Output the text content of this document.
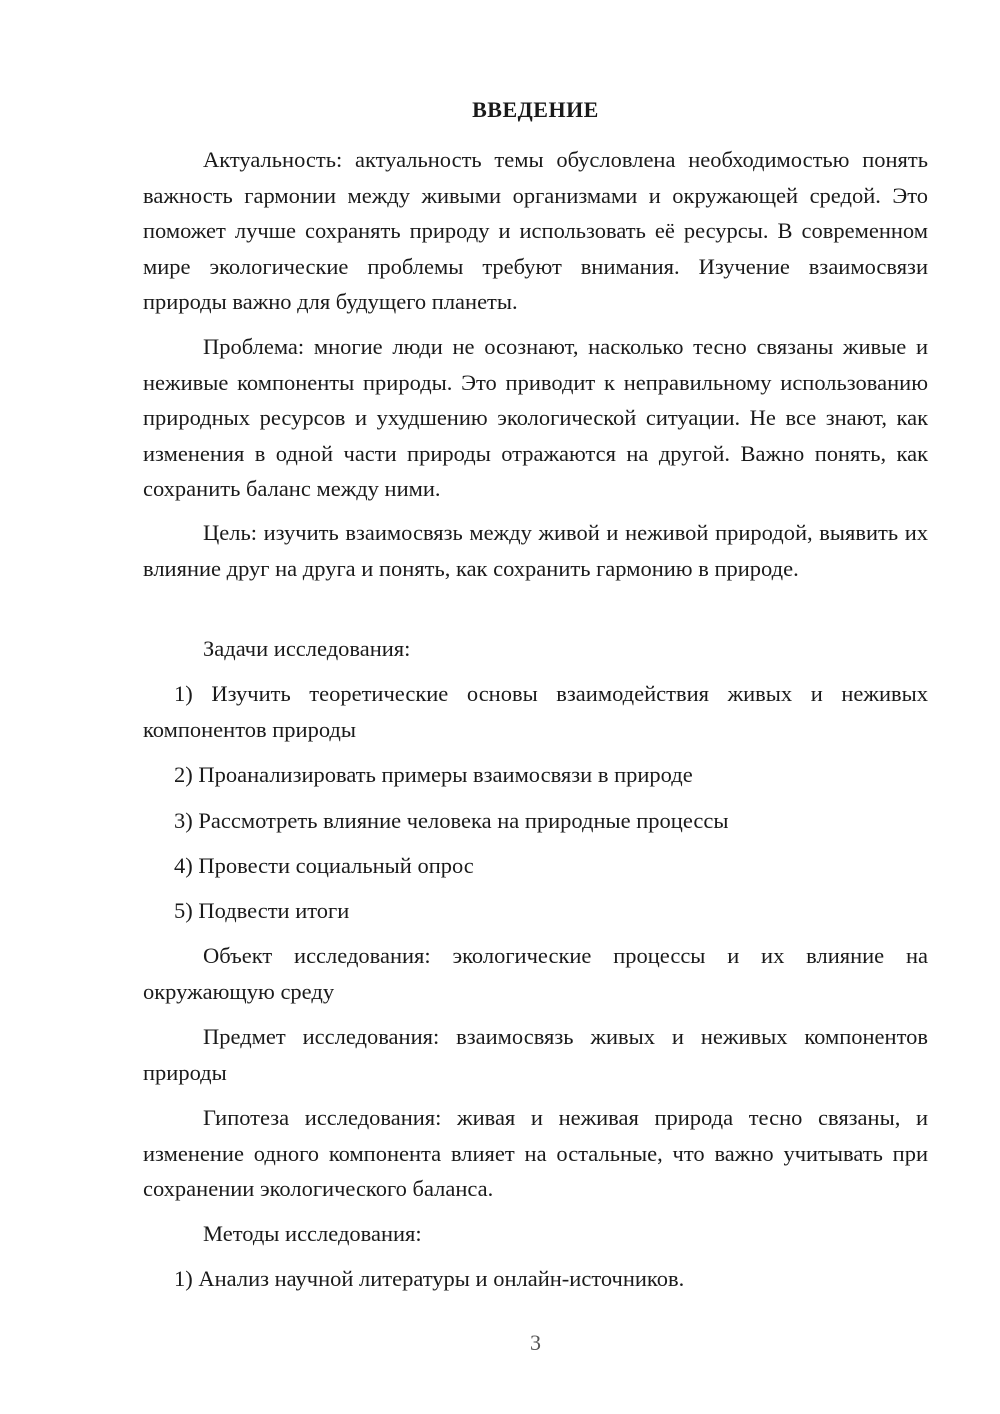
ВВЕДЕНИЕ
Актуальность: актуальность темы обусловлена необходимостью понять важность гармонии между живыми организмами и окружающей средой. Это поможет лучше сохранять природу и использовать её ресурсы. В современном мире экологические проблемы требуют внимания. Изучение взаимосвязи природы важно для будущего планеты.
Проблема: многие люди не осознают, насколько тесно связаны живые и неживые компоненты природы. Это приводит к неправильному использованию природных ресурсов и ухудшению экологической ситуации. Не все знают, как изменения в одной части природы отражаются на другой. Важно понять, как сохранить баланс между ними.
Цель: изучить взаимосвязь между живой и неживой природой, выявить их влияние друг на друга и понять, как сохранить гармонию в природе.
Задачи исследования:
1) Изучить теоретические основы взаимодействия живых и неживых компонентов природы
2) Проанализировать примеры взаимосвязи в природе
3) Рассмотреть влияние человека на природные процессы
4) Провести социальный опрос
5) Подвести итоги
Объект исследования: экологические процессы и их влияние на окружающую среду
Предмет исследования: взаимосвязь живых и неживых компонентов природы
Гипотеза исследования: живая и неживая природа тесно связаны, и изменение одного компонента влияет на остальные, что важно учитывать при сохранении экологического баланса.
Методы исследования:
1) Анализ научной литературы и онлайн-источников.
3
